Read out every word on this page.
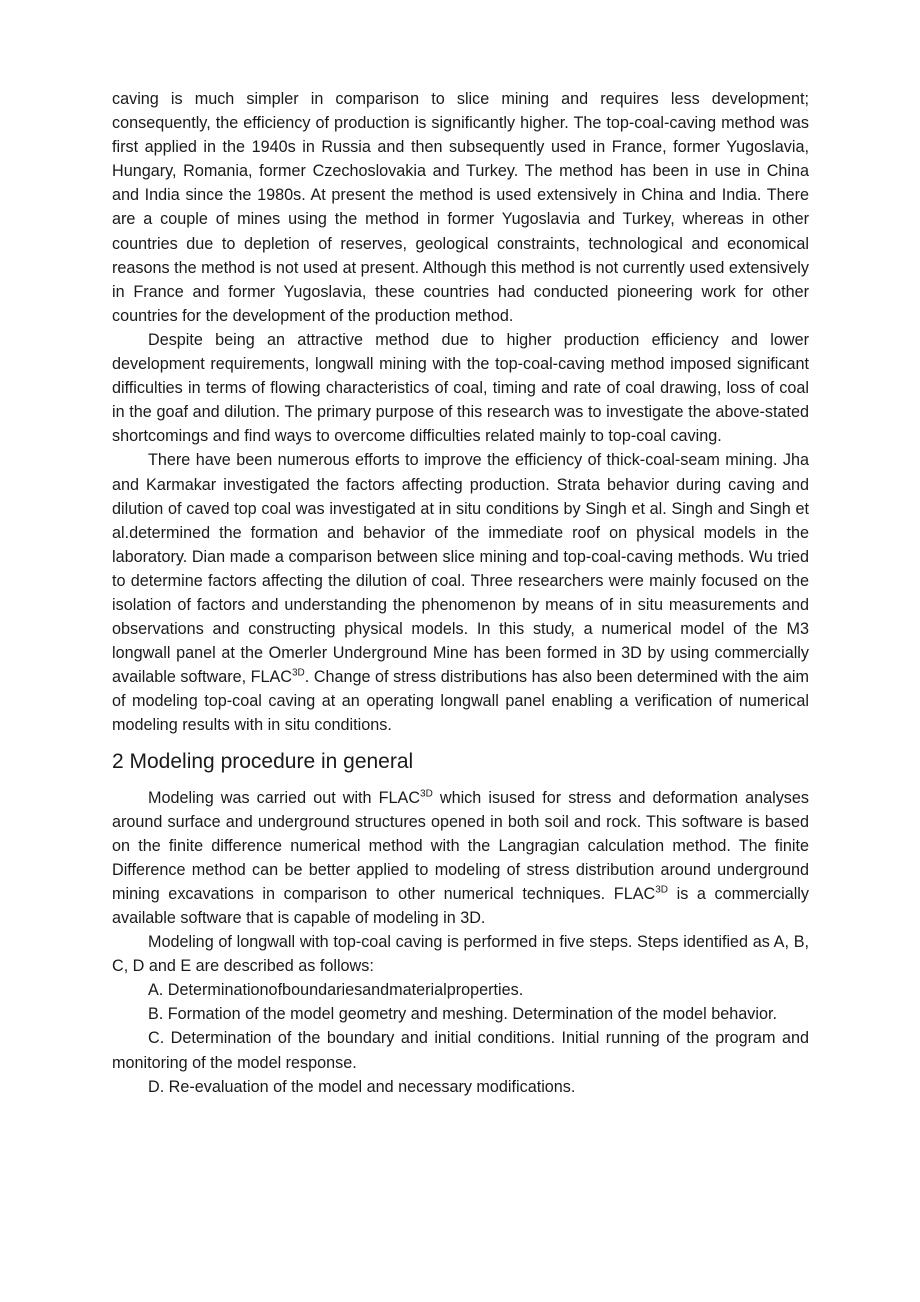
caving is much simpler in comparison to slice mining and requires less development; consequently, the efficiency of production is significantly higher. The top-coal-caving method was first applied in the 1940s in Russia and then subsequently used in France, former Yugoslavia, Hungary, Romania, former Czechoslovakia and Turkey. The method has been in use in China and India since the 1980s. At present the method is used extensively in China and India. There are a couple of mines using the method in former Yugoslavia and Turkey, whereas in other countries due to depletion of reserves, geological constraints, technological and economical reasons the method is not used at present. Although this method is not currently used extensively in France and former Yugoslavia, these countries had conducted pioneering work for other countries for the development of the production method.

Despite being an attractive method due to higher production efficiency and lower development requirements, longwall mining with the top-coal-caving method imposed significant difficulties in terms of flowing characteristics of coal, timing and rate of coal drawing, loss of coal in the goaf and dilution. The primary purpose of this research was to investigate the above-stated shortcomings and find ways to overcome difficulties related mainly to top-coal caving.

There have been numerous efforts to improve the efficiency of thick-coal-seam mining. Jha and Karmakar investigated the factors affecting production. Strata behavior during caving and dilution of caved top coal was investigated at in situ conditions by Singh et al. Singh and Singh et al.determined the formation and behavior of the immediate roof on physical models in the laboratory. Dian made a comparison between slice mining and top-coal-caving methods. Wu tried to determine factors affecting the dilution of coal. Three researchers were mainly focused on the isolation of factors and understanding the phenomenon by means of in situ measurements and observations and constructing physical models. In this study, a numerical model of the M3 longwall panel at the Omerler Underground Mine has been formed in 3D by using commercially available software, $FLAC^{3D}$. Change of stress distributions has also been determined with the aim of modeling top-coal caving at an operating longwall panel enabling a verification of numerical modeling results with in situ conditions.

2 Modeling procedure in general

Modeling was carried out with $FLAC^{3D}$ which isused for stress and deformation analyses around surface and underground structures opened in both soil and rock. This software is based on the finite difference numerical method with the Langragian calculation method. The finite Difference method can be better applied to modeling of stress distribution around underground mining excavations in comparison to other numerical techniques. $FLAC^{3D}$ is a commercially available software that is capable of modeling in 3D.

Modeling of longwall with top-coal caving is performed in five steps. Steps identified as A, B, C, D and E are described as follows:

A. Determinationofboundariesandmaterialproperties.

B. Formation of the model geometry and meshing. Determination of the model behavior.

C. Determination of the boundary and initial conditions. Initial running of the program and monitoring of the model response.

D. Re-evaluation of the model and necessary modifications.
